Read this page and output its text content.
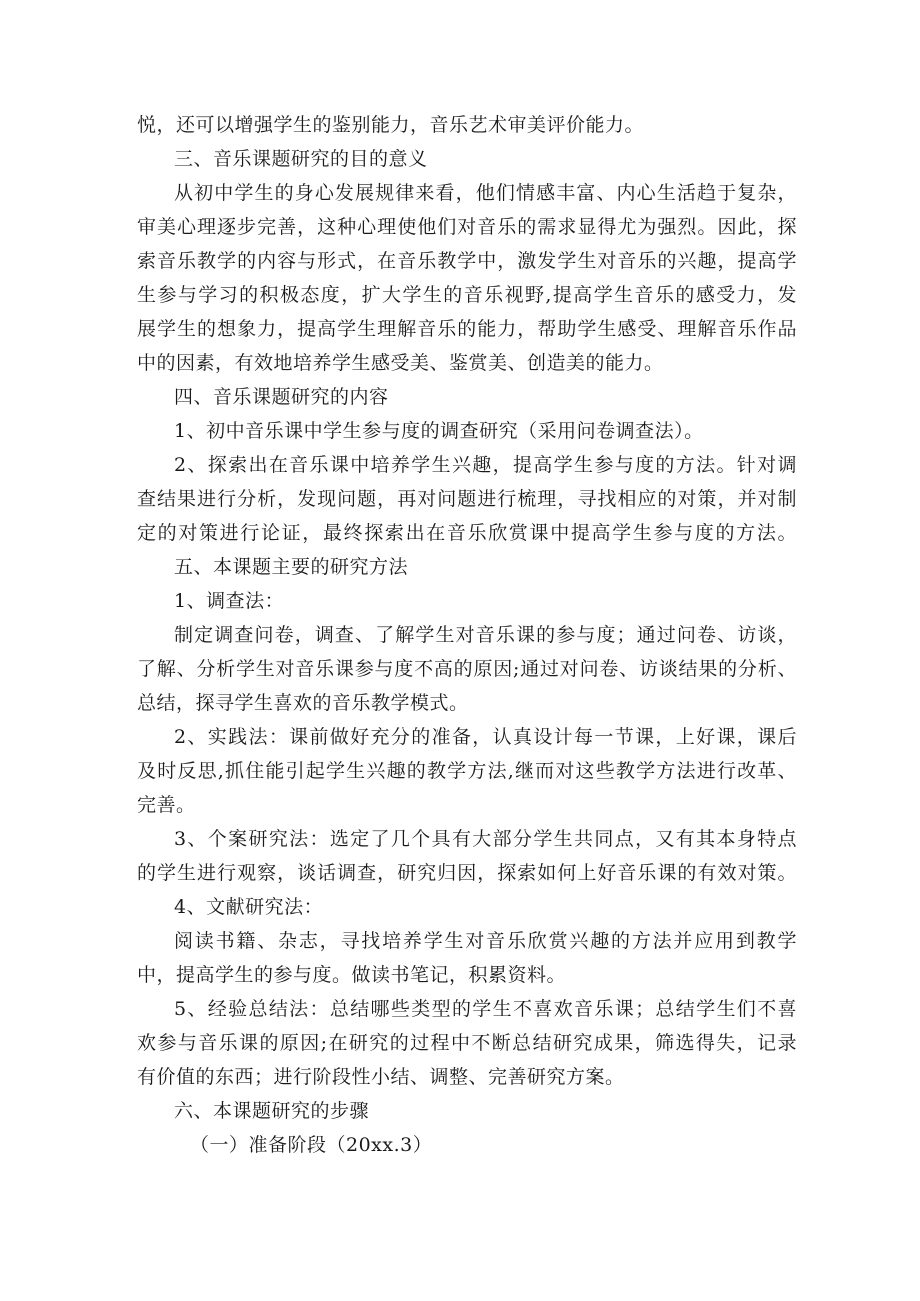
悦，还可以增强学生的鉴别能力，音乐艺术审美评价能力。
三、音乐课题研究的目的意义
从初中学生的身心发展规律来看，他们情感丰富、内心生活趋于复杂，
审美心理逐步完善，这种心理使他们对音乐的需求显得尤为强烈。因此，探
索音乐教学的内容与形式，在音乐教学中，激发学生对音乐的兴趣，提高学
生参与学习的积极态度，扩大学生的音乐视野,提高学生音乐的感受力，发
展学生的想象力，提高学生理解音乐的能力，帮助学生感受、理解音乐作品
中的因素，有效地培养学生感受美、鉴赏美、创造美的能力。
四、音乐课题研究的内容
1、初中音乐课中学生参与度的调查研究（采用问卷调查法）。
2、探索出在音乐课中培养学生兴趣，提高学生参与度的方法。针对调
查结果进行分析，发现问题，再对问题进行梳理，寻找相应的对策，并对制
定的对策进行论证，最终探索出在音乐欣赏课中提高学生参与度的方法。
五、本课题主要的研究方法
1、调查法：
制定调查问卷，调查、了解学生对音乐课的参与度；通过问卷、访谈，
了解、分析学生对音乐课参与度不高的原因;通过对问卷、访谈结果的分析、
总结，探寻学生喜欢的音乐教学模式。
2、实践法：课前做好充分的准备，认真设计每一节课，上好课，课后
及时反思,抓住能引起学生兴趣的教学方法,继而对这些教学方法进行改革、
完善。
3、个案研究法：选定了几个具有大部分学生共同点，又有其本身特点
的学生进行观察，谈话调查，研究归因，探索如何上好音乐课的有效对策。
4、文献研究法：
阅读书籍、杂志，寻找培养学生对音乐欣赏兴趣的方法并应用到教学
中，提高学生的参与度。做读书笔记，积累资料。
5、经验总结法：总结哪些类型的学生不喜欢音乐课；总结学生们不喜
欢参与音乐课的原因;在研究的过程中不断总结研究成果，筛选得失，记录
有价值的东西；进行阶段性小结、调整、完善研究方案。
六、本课题研究的步骤
（一）准备阶段（20xx.3）
